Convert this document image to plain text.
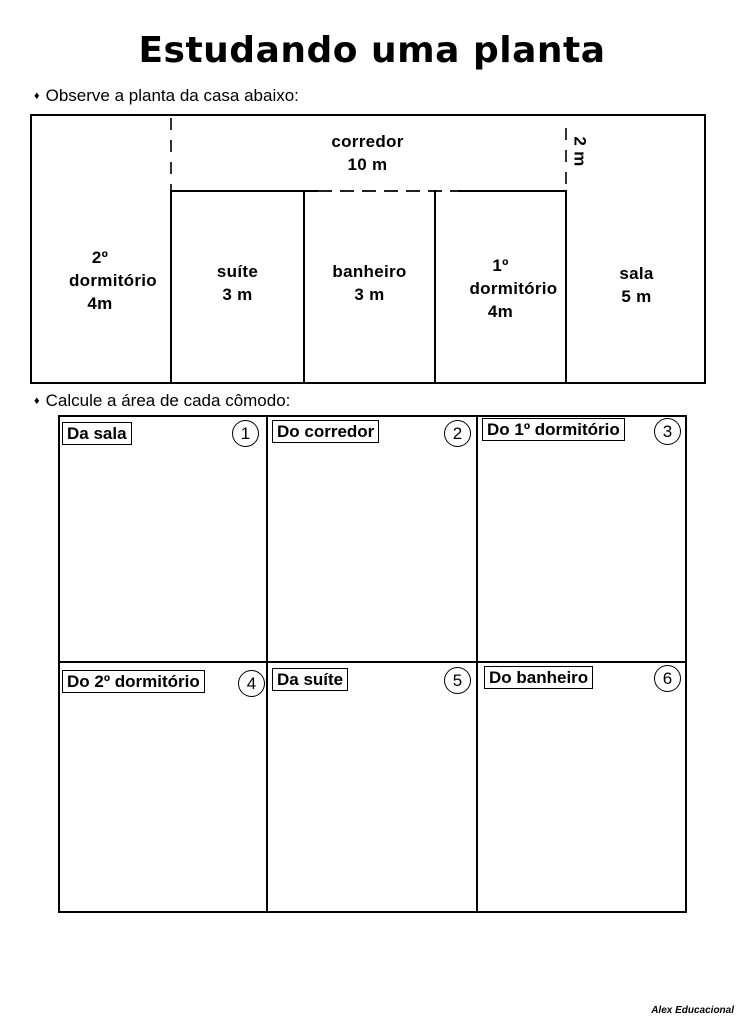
Estudando uma planta
♦ Observe a planta da casa abaixo:
corredor
10 m	2 m
2º dormitório
4m
suíte
3 m
banheiro
3 m
1º dormitório
4m
sala
5 m
♦ Calcule a área de cada cômodo:
Da sala	1	Do corredor	2	Do 1º dormitório	3
Do 2º dormitório	4	Da suíte	5	Do banheiro	6
Alex Educacional
